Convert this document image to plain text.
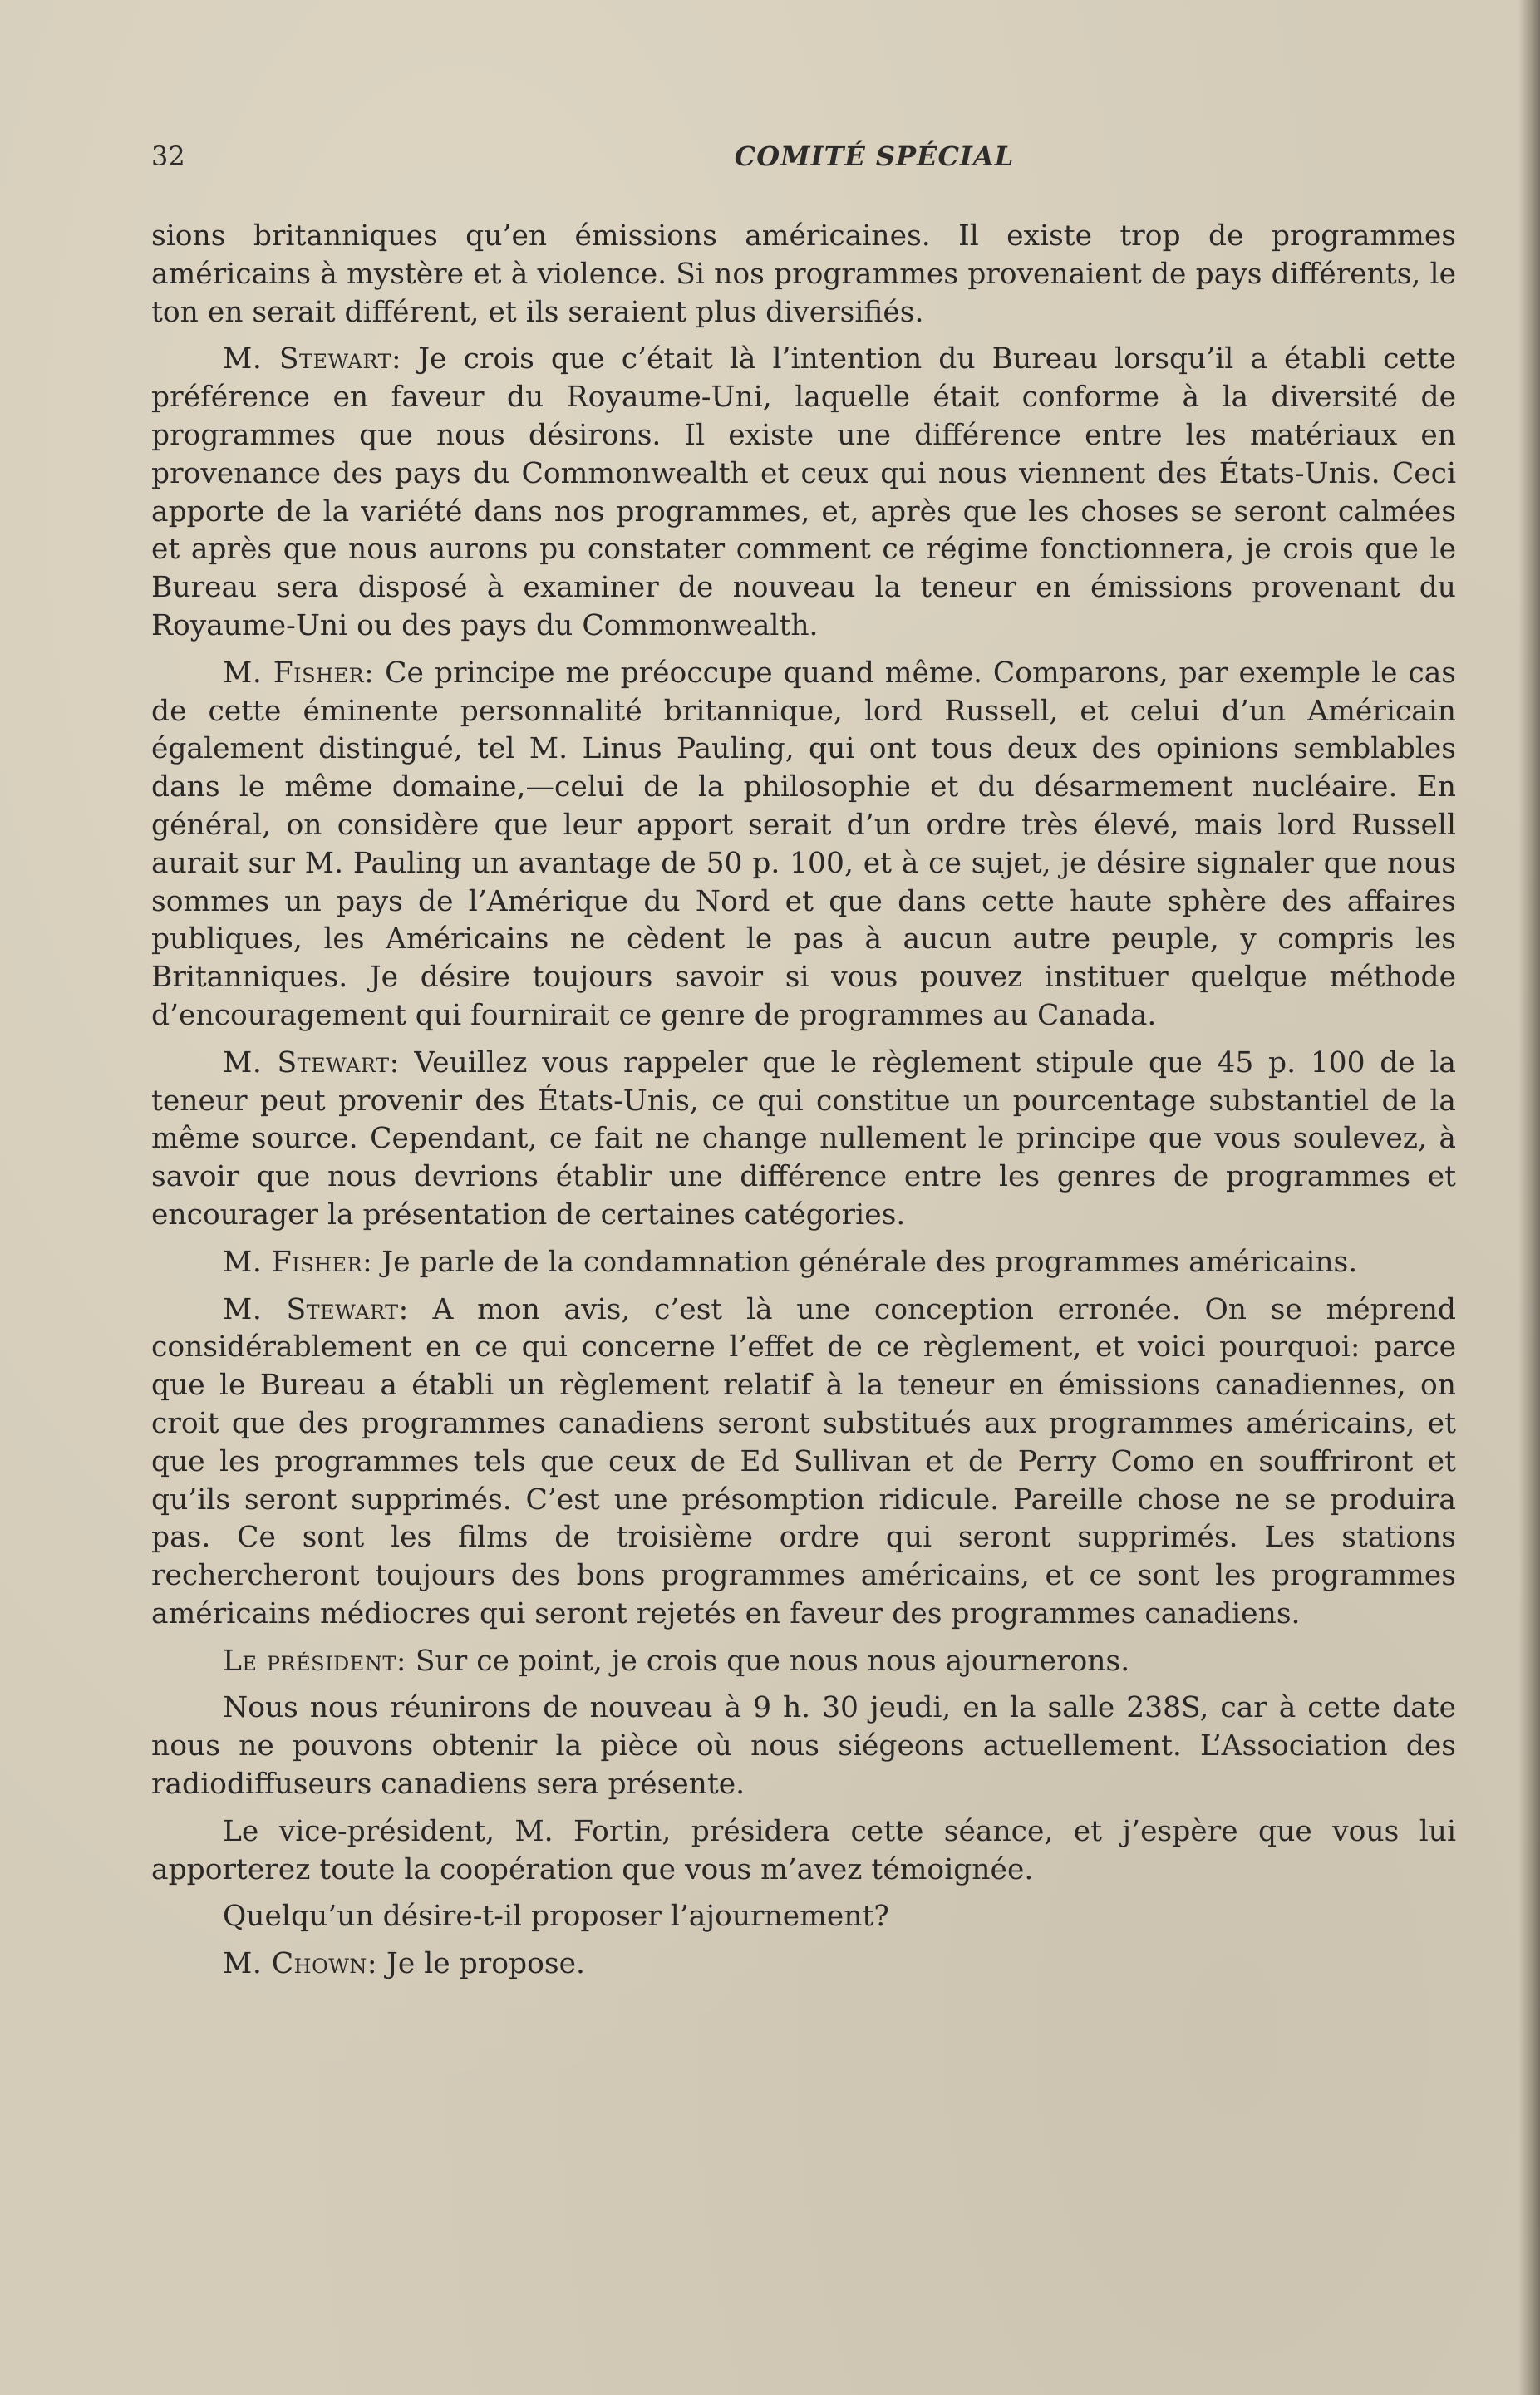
32	COMITÉ SPÉCIAL

sions britanniques qu’en émissions américaines. Il existe trop de programmes américains à mystère et à violence. Si nos programmes provenaient de pays différents, le ton en serait différent, et ils seraient plus diversifiés.

M. Stewart: Je crois que c’était là l’intention du Bureau lorsqu’il a établi cette préférence en faveur du Royaume-Uni, laquelle était conforme à la diversité de programmes que nous désirons. Il existe une différence entre les matériaux en provenance des pays du Commonwealth et ceux qui nous viennent des États-Unis. Ceci apporte de la variété dans nos programmes, et, après que les choses se seront calmées et après que nous aurons pu constater comment ce régime fonctionnera, je crois que le Bureau sera disposé à examiner de nouveau la teneur en émissions provenant du Royaume-Uni ou des pays du Commonwealth.

M. Fisher: Ce principe me préoccupe quand même. Comparons, par exemple le cas de cette éminente personnalité britannique, lord Russell, et celui d’un Américain également distingué, tel M. Linus Pauling, qui ont tous deux des opinions semblables dans le même domaine,—celui de la philosophie et du désarmement nucléaire. En général, on considère que leur apport serait d’un ordre très élevé, mais lord Russell aurait sur M. Pauling un avantage de 50 p. 100, et à ce sujet, je désire signaler que nous sommes un pays de l’Amérique du Nord et que dans cette haute sphère des affaires publiques, les Américains ne cèdent le pas à aucun autre peuple, y compris les Britanniques. Je désire toujours savoir si vous pouvez instituer quelque méthode d’encouragement qui fournirait ce genre de programmes au Canada.

M. Stewart: Veuillez vous rappeler que le règlement stipule que 45 p. 100 de la teneur peut provenir des États-Unis, ce qui constitue un pourcentage substantiel de la même source. Cependant, ce fait ne change nullement le principe que vous soulevez, à savoir que nous devrions établir une différence entre les genres de programmes et encourager la présentation de certaines catégories.

M. Fisher: Je parle de la condamnation générale des programmes américains.

M. Stewart: A mon avis, c’est là une conception erronée. On se méprend considérablement en ce qui concerne l’effet de ce règlement, et voici pourquoi: parce que le Bureau a établi un règlement relatif à la teneur en émissions canadiennes, on croit que des programmes canadiens seront substitués aux programmes américains, et que les programmes tels que ceux de Ed Sullivan et de Perry Como en souffriront et qu’ils seront supprimés. C’est une présomption ridicule. Pareille chose ne se produira pas. Ce sont les films de troisième ordre qui seront supprimés. Les stations rechercheront toujours des bons programmes américains, et ce sont les programmes américains médiocres qui seront rejetés en faveur des programmes canadiens.

Le président: Sur ce point, je crois que nous nous ajournerons.

Nous nous réunirons de nouveau à 9 h. 30 jeudi, en la salle 238S, car à cette date nous ne pouvons obtenir la pièce où nous siégeons actuellement. L’Association des radiodiffuseurs canadiens sera présente.

Le vice-président, M. Fortin, présidera cette séance, et j’espère que vous lui apporterez toute la coopération que vous m’avez témoignée.

Quelqu’un désire-t-il proposer l’ajournement?

M. Chown: Je le propose.
